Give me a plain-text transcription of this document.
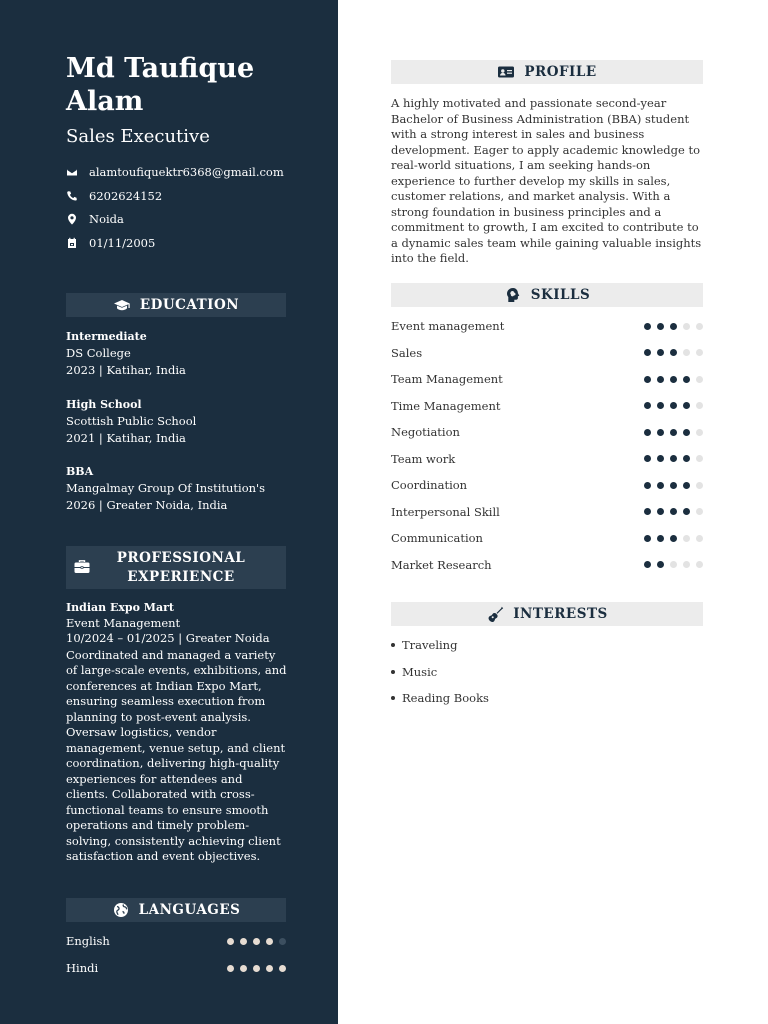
Md Taufique Alam
Sales Executive
alamtoufiquektr6368@gmail.com
6202624152
Noida
01/11/2005
EDUCATION
Intermediate
DS College
2023 | Katihar, India
High School
Scottish Public School
2021 | Katihar, India
BBA
Mangalmay Group Of Institution's
2026 | Greater Noida, India
PROFESSIONAL EXPERIENCE
Indian Expo Mart
Event Management
10/2024 – 01/2025 | Greater Noida
Coordinated and managed a variety of large-scale events, exhibitions, and conferences at Indian Expo Mart, ensuring seamless execution from planning to post-event analysis. Oversaw logistics, vendor management, venue setup, and client coordination, delivering high-quality experiences for attendees and clients. Collaborated with cross-functional teams to ensure smooth operations and timely problem-solving, consistently achieving client satisfaction and event objectives.
LANGUAGES
English
Hindi
PROFILE
A highly motivated and passionate second-year Bachelor of Business Administration (BBA) student with a strong interest in sales and business development. Eager to apply academic knowledge to real-world situations, I am seeking hands-on experience to further develop my skills in sales, customer relations, and market analysis. With a strong foundation in business principles and a commitment to growth, I am excited to contribute to a dynamic sales team while gaining valuable insights into the field.
SKILLS
Event management
Sales
Team Management
Time Management
Negotiation
Team work
Coordination
Interpersonal Skill
Communication
Market Research
INTERESTS
Traveling
Music
Reading Books
